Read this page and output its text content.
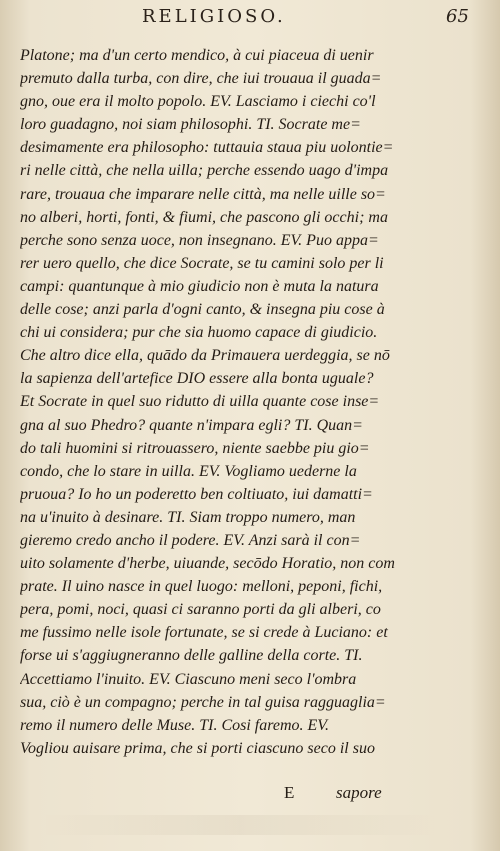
RELIGIOSO.	65
Platone; ma d'un certo mendico, à cui piaceua di uenir
premuto dalla turba, con dire, che iui trouaua il guada=
gno, oue era il molto popolo. EV. Lasciamo i ciechi co'l
loro guadagno, noi siam philosophi. TI. Socrate me=
desimamente era philosopho: tuttauia staua piu uolontie=
ri nelle città, che nella uilla; perche essendo uago d'impa
rare, trouaua che imparare nelle città, ma nelle uille so=
no alberi, horti, fonti, & fiumi, che pascono gli occhi; ma
perche sono senza uoce, non insegnano. EV. Puo appa=
rer uero quello, che dice Socrate, se tu camini solo per li
campi: quantunque à mio giudicio non è muta la natura
delle cose; anzi parla d'ogni canto, & insegna piu cose à
chi ui considera; pur che sia huomo capace di giudicio.
Che altro dice ella, quādo da Primauera uerdeggia, se nō
la sapienza dell'artefice DIO essere alla bonta uguale?
Et Socrate in quel suo ridutto di uilla quante cose inse=
gna al suo Phedro? quante n'impara egli? TI. Quan=
do tali huomini si ritrouassero, niente saebbe piu gio=
condo, che lo stare in uilla. EV. Vogliamo uederne la
pruoua? Io ho un poderetto ben coltiuato, iui damatti=
na u'inuito à desinare. TI. Siam troppo numero, man
gieremo credo ancho il podere. EV. Anzi sarà il con=
uito solamente d'herbe, uiuande, secōdo Horatio, non com
prate. Il uino nasce in quel luogo: melloni, peponi, fichi,
pera, pomi, noci, quasi ci saranno porti da gli alberi, co
me fussimo nelle isole fortunate, se si crede à Luciano: et
forse ui s'aggiugneranno delle galline della corte. TI.
Accettiamo l'inuito. EV. Ciascuno meni seco l'ombra
sua, ciò è un compagno; perche in tal guisa ragguaglia=
remo il numero delle Muse. TI. Cosi faremo. EV.
Vogliou auisare prima, che si porti ciascuno seco il suo
E sapore
